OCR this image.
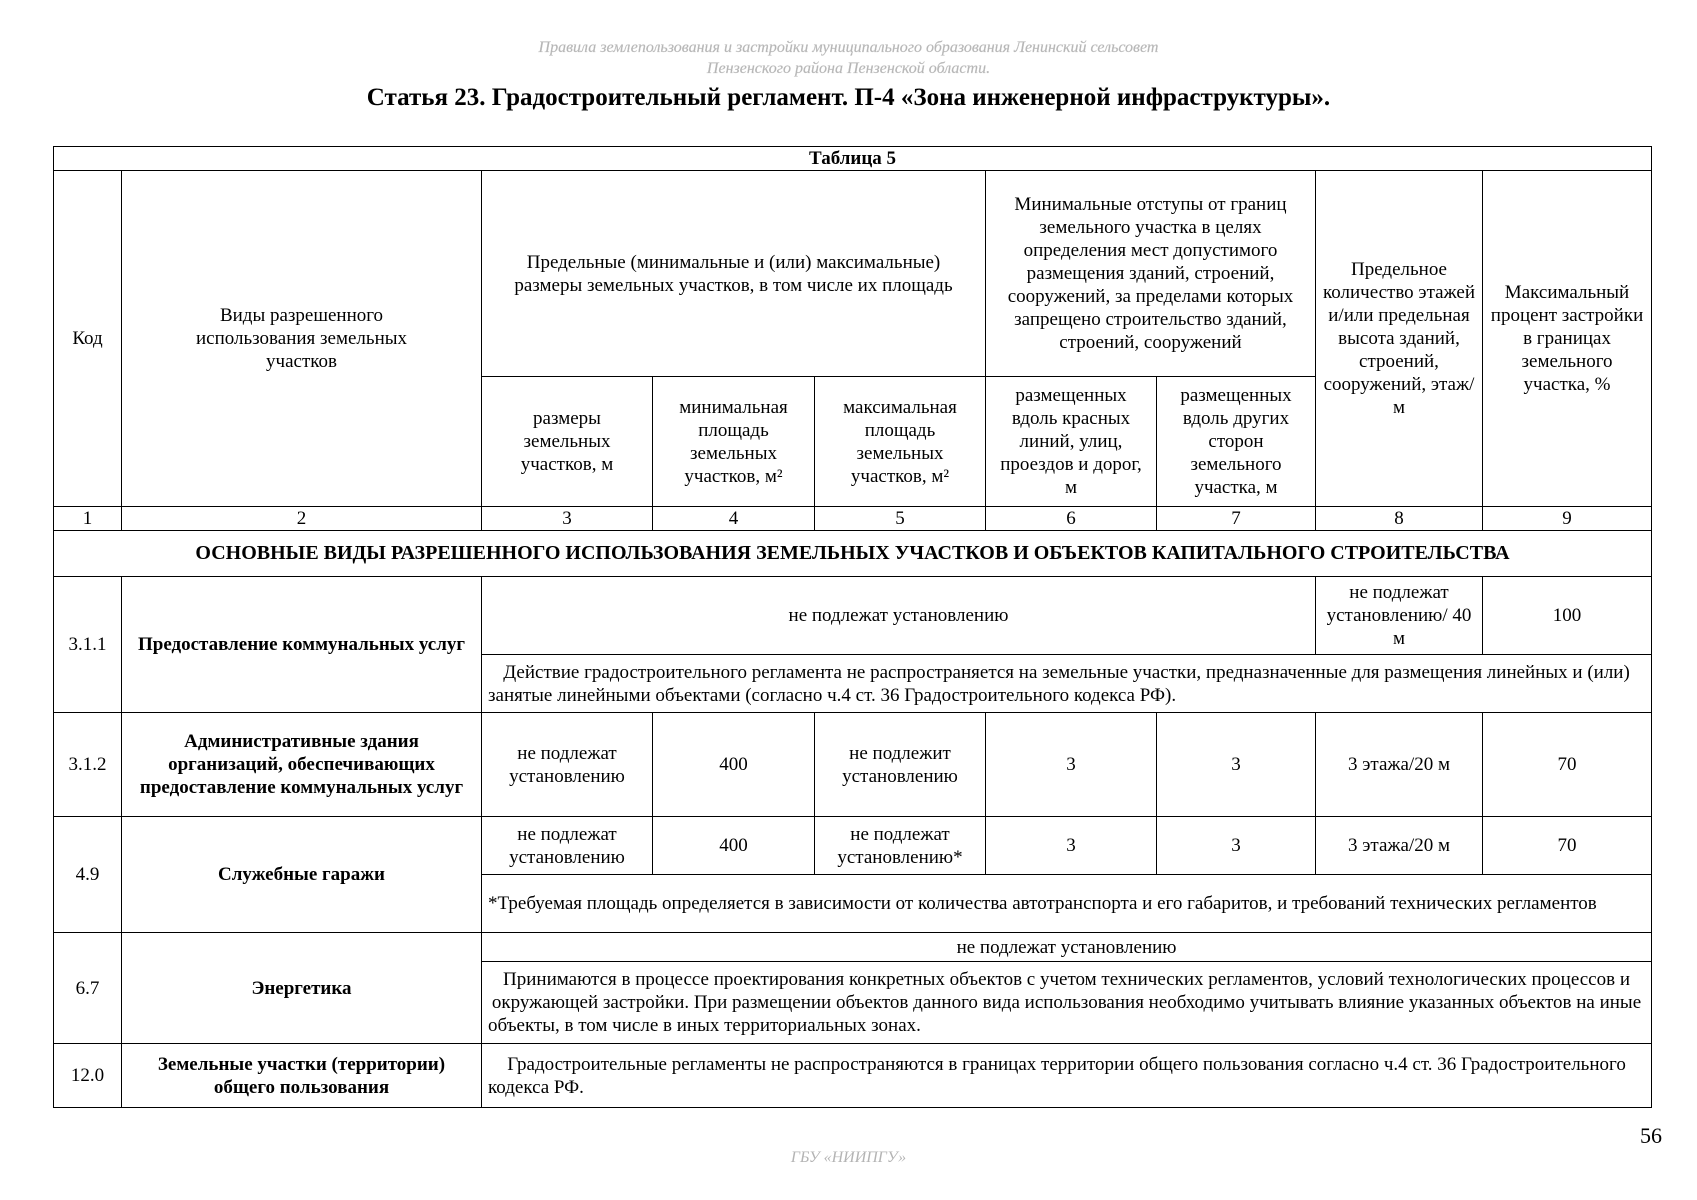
Правила землепользования и застройки муниципального образования Ленинский сельсовет
Пензенского района Пензенской области.
Статья 23. Градостроительный регламент. П-4 «Зона инженерной инфраструктуры».
Таблица 5								
Код	Виды разрешенного использования земельных участков	Предельные (минимальные и (или) максимальные) размеры земельных участков, в том числе их площадь			Минимальные отступы от границ земельного участка в целях определения мест допустимого размещения зданий, строений, сооружений, за пределами которых запрещено строительство зданий, строений, сооружений		Предельное количество этажей и/или предельная высота зданий, строений, сооружений, этаж/м	Максимальный процент застройки в границах земельного участка, %
		размеры земельных участков, м	минимальная площадь земельных участков, м²	максимальная площадь земельных участков, м²	размещенных вдоль красных линий, улиц, проездов и дорог, м	размещенных вдоль других сторон земельного участка, м		
1	2	3	4	5	6	7	8	9
ОСНОВНЫЕ ВИДЫ РАЗРЕШЕННОГО ИСПОЛЬЗОВАНИЯ ЗЕМЕЛЬНЫХ УЧАСТКОВ И ОБЪЕКТОВ КАПИТАЛЬНОГО СТРОИТЕЛЬСТВА								
3.1.1	Предоставление коммунальных услуг	не подлежат установлению					не подлежат установлению/ 40 м	100
		Действие градостроительного регламента не распространяется на земельные участки, предназначенные для размещения линейных и (или) занятые линейными объектами (согласно ч.4 ст. 36 Градостроительного кодекса РФ).						
3.1.2	Административные здания организаций, обеспечивающих предоставление коммунальных услуг	не подлежат установлению	400	не подлежит установлению	3	3	3 этажа/20 м	70
4.9	Служебные гаражи	не подлежат установлению	400	не подлежат установлению*	3	3	3 этажа/20 м	70
		*Требуемая площадь определяется в зависимости от количества автотранспорта и его габаритов, и требований технических регламентов						
6.7	Энергетика	не подлежат установлению						
		Принимаются в процессе проектирования конкретных объектов с учетом технических регламентов, условий технологических процессов и окружающей застройки. При размещении объектов данного вида использования необходимо учитывать влияние указанных объектов на иные объекты, в том числе в иных территориальных зонах.						
12.0	Земельные участки (территории) общего пользования	Градостроительные регламенты не распространяются в границах территории общего пользования согласно ч.4 ст. 36 Градостроительного кодекса РФ.						
56
ГБУ «НИИПГУ»
